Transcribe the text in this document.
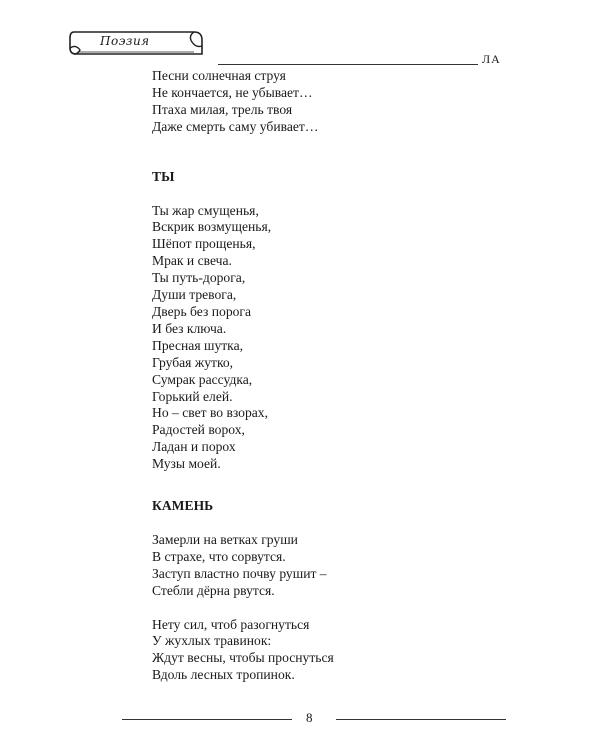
Поэзия
ЛА

Песни солнечная струя

Не кончается, не убывает…

Птаха милая, трель твоя

Даже смерть саму убивает…

ТЫ

Ты жар смущенья,

Вскрик возмущенья,

Шёпот прощенья,

Мрак и свеча.

Ты путь-дорога,

Души тревога,

Дверь без порога

И без ключа.

Пресная шутка,

Грубая жутко,

Сумрак рассудка,

Горький елей.

Но – свет во взорах,

Радостей ворох,

Ладан и порох

Музы моей.

КАМЕНЬ

Замерли на ветках груши

В страхе, что сорвутся.

Заступ властно почву рушит –

Стебли дёрна рвутся.

Нету сил, чтоб разогнуться

У жухлых травинок:

Ждут весны, чтобы проснуться

Вдоль лесных тропинок.

8
